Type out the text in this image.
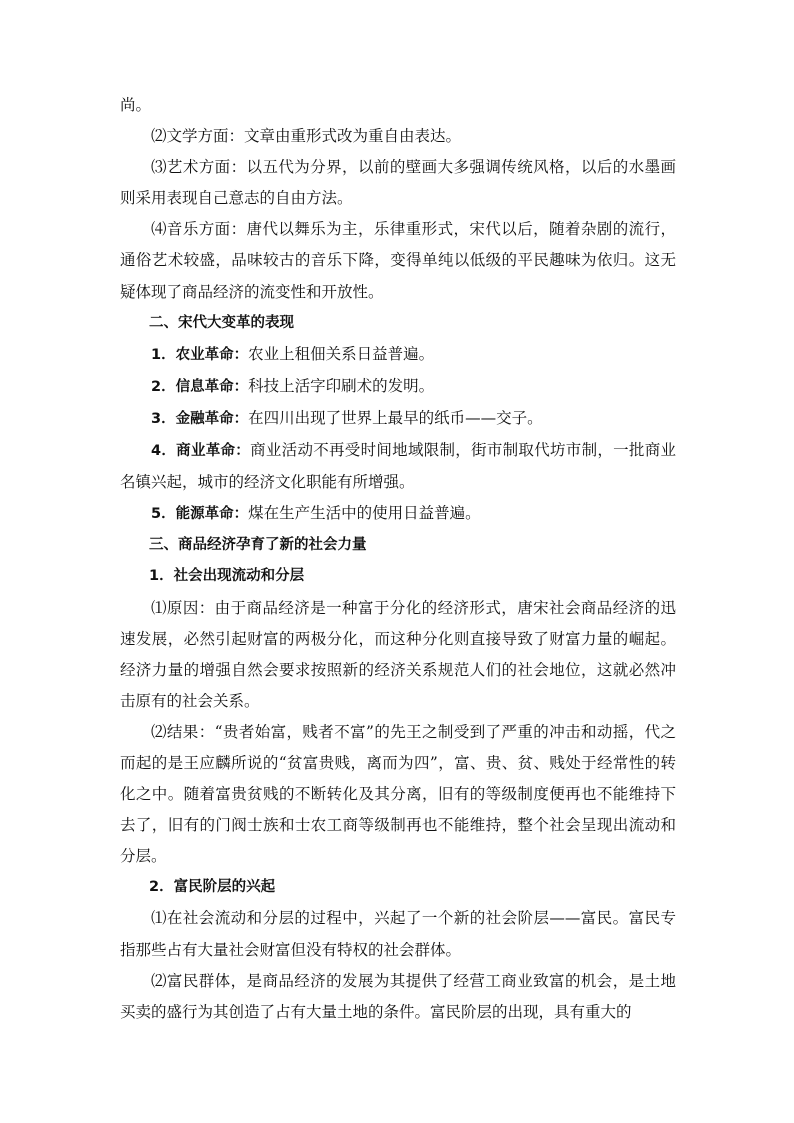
尚。

⑵文学方面：文章由重形式改为重自由表达。

⑶艺术方面：以五代为分界，以前的壁画大多强调传统风格，以后的水墨画则采用表现自己意志的自由方法。

⑷音乐方面：唐代以舞乐为主，乐律重形式，宋代以后，随着杂剧的流行，通俗艺术较盛，品味较古的音乐下降，变得单纯以低级的平民趣味为依归。这无疑体现了商品经济的流变性和开放性。

二、宋代大变革的表现

1．农业革命：农业上租佃关系日益普遍。

2．信息革命：科技上活字印刷术的发明。

3．金融革命：在四川出现了世界上最早的纸币——交子。

4．商业革命：商业活动不再受时间地域限制，街市制取代坊市制，一批商业名镇兴起，城市的经济文化职能有所增强。

5．能源革命：煤在生产生活中的使用日益普遍。

三、商品经济孕育了新的社会力量

1．社会出现流动和分层

⑴原因：由于商品经济是一种富于分化的经济形式，唐宋社会商品经济的迅速发展，必然引起财富的两极分化，而这种分化则直接导致了财富力量的崛起。经济力量的增强自然会要求按照新的经济关系规范人们的社会地位，这就必然冲击原有的社会关系。

⑵结果：“贵者始富，贱者不富”的先王之制受到了严重的冲击和动摇，代之而起的是王应麟所说的“贫富贵贱，离而为四”，富、贵、贫、贱处于经常性的转化之中。随着富贵贫贱的不断转化及其分离，旧有的等级制度便再也不能维持下去了，旧有的门阀士族和士农工商等级制再也不能维持，整个社会呈现出流动和分层。

2．富民阶层的兴起

⑴在社会流动和分层的过程中，兴起了一个新的社会阶层——富民。富民专指那些占有大量社会财富但没有特权的社会群体。

⑵富民群体，是商品经济的发展为其提供了经营工商业致富的机会，是土地买卖的盛行为其创造了占有大量土地的条件。富民阶层的出现，具有重大的
